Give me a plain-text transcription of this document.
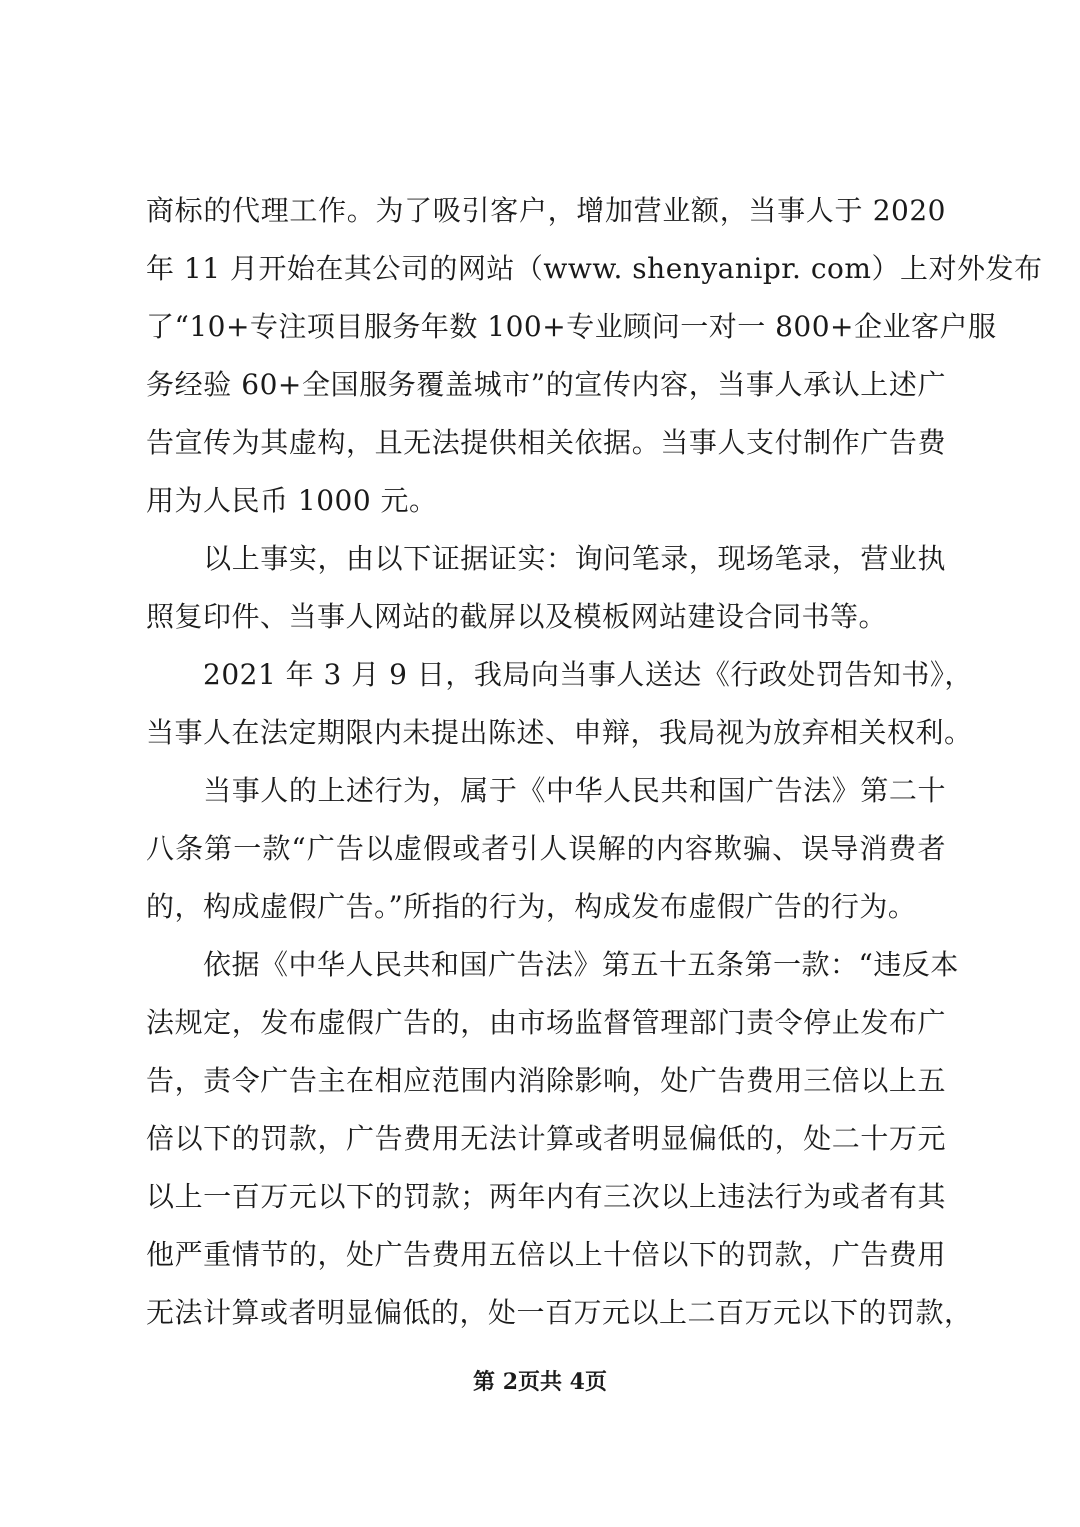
商标的代理工作。为了吸引客户，增加营业额，当事人于 2020
年 11 月开始在其公司的网站（www. shenyanipr. com）上对外发布
了“10+专注项目服务年数 100+专业顾问一对一 800+企业客户服
务经验 60+全国服务覆盖城市”的宣传内容，当事人承认上述广
告宣传为其虚构，且无法提供相关依据。当事人支付制作广告费
用为人民币 1000 元。
　　以上事实，由以下证据证实：询问笔录，现场笔录，营业执
照复印件、当事人网站的截屏以及模板网站建设合同书等。
　　2021 年 3 月 9 日，我局向当事人送达《行政处罚告知书》，
当事人在法定期限内未提出陈述、申辩，我局视为放弃相关权利。
　　当事人的上述行为，属于《中华人民共和国广告法》第二十
八条第一款“广告以虚假或者引人误解的内容欺骗、误导消费者
的，构成虚假广告。”所指的行为，构成发布虚假广告的行为。
　　依据《中华人民共和国广告法》第五十五条第一款：“违反本
法规定，发布虚假广告的，由市场监督管理部门责令停止发布广
告，责令广告主在相应范围内消除影响，处广告费用三倍以上五
倍以下的罚款，广告费用无法计算或者明显偏低的，处二十万元
以上一百万元以下的罚款；两年内有三次以上违法行为或者有其
他严重情节的，处广告费用五倍以上十倍以下的罚款，广告费用
无法计算或者明显偏低的，处一百万元以上二百万元以下的罚款，
第 2页共 4页
